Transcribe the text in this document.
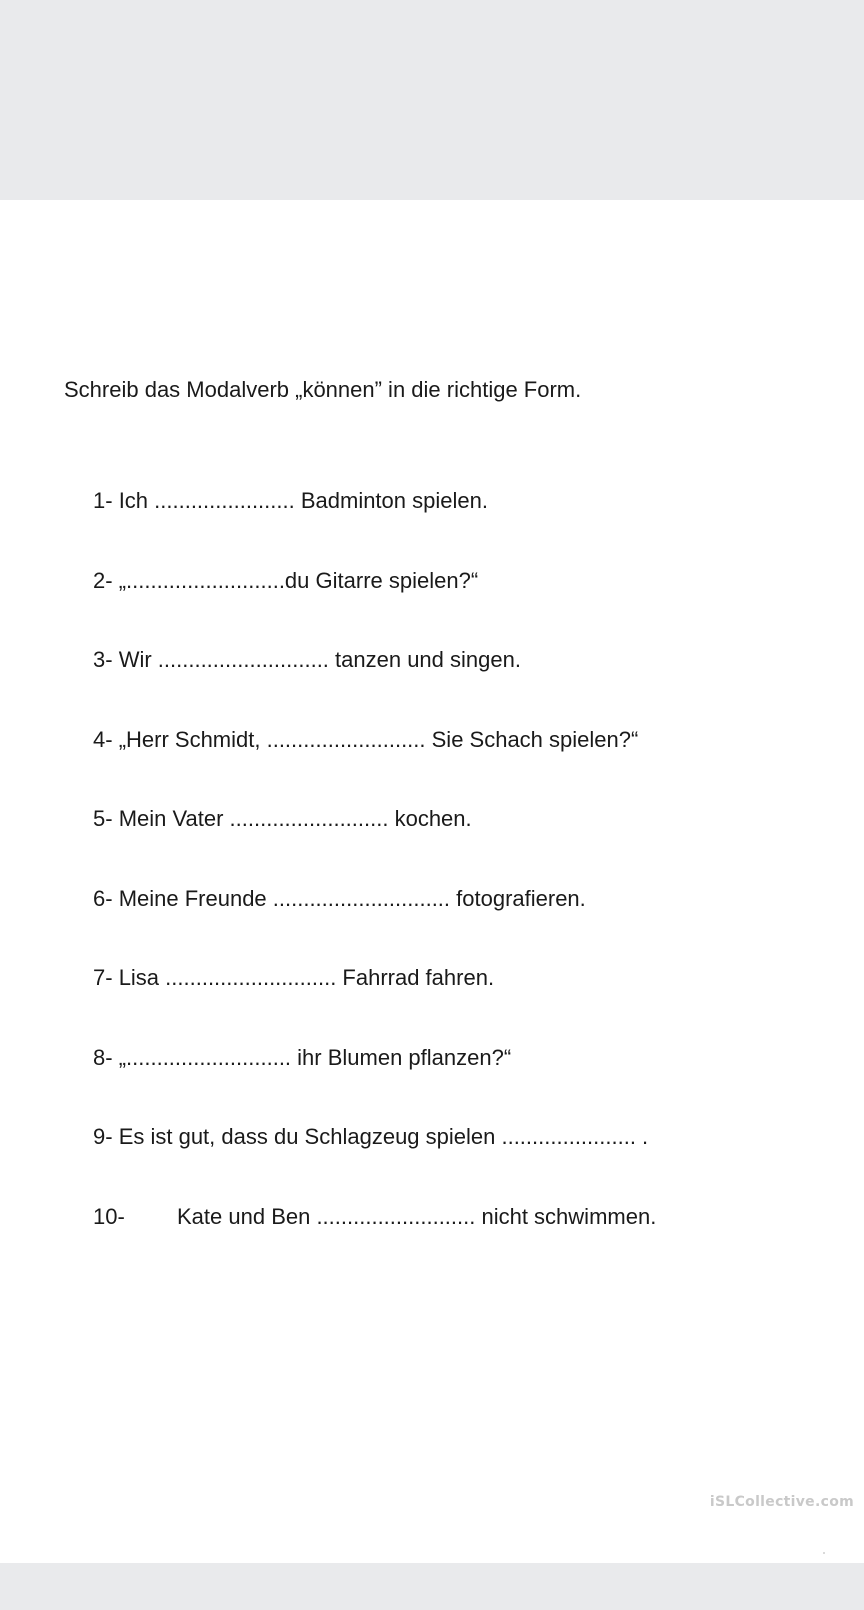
Schreib das Modalverb „können” in die richtige Form.
1- Ich ....................... Badminton spielen.
2- „..........................du Gitarre spielen?“
3- Wir ............................ tanzen und singen.
4- „Herr Schmidt, .......................... Sie Schach spielen?“
5- Mein Vater .......................... kochen.
6- Meine Freunde ............................. fotografieren.
7- Lisa ............................ Fahrrad fahren.
8- „........................... ihr Blumen pflanzen?“
9- Es ist gut, dass du Schlagzeug spielen ...................... .
10- Kate und Ben .......................... nicht schwimmen.
iSLCollective.com
